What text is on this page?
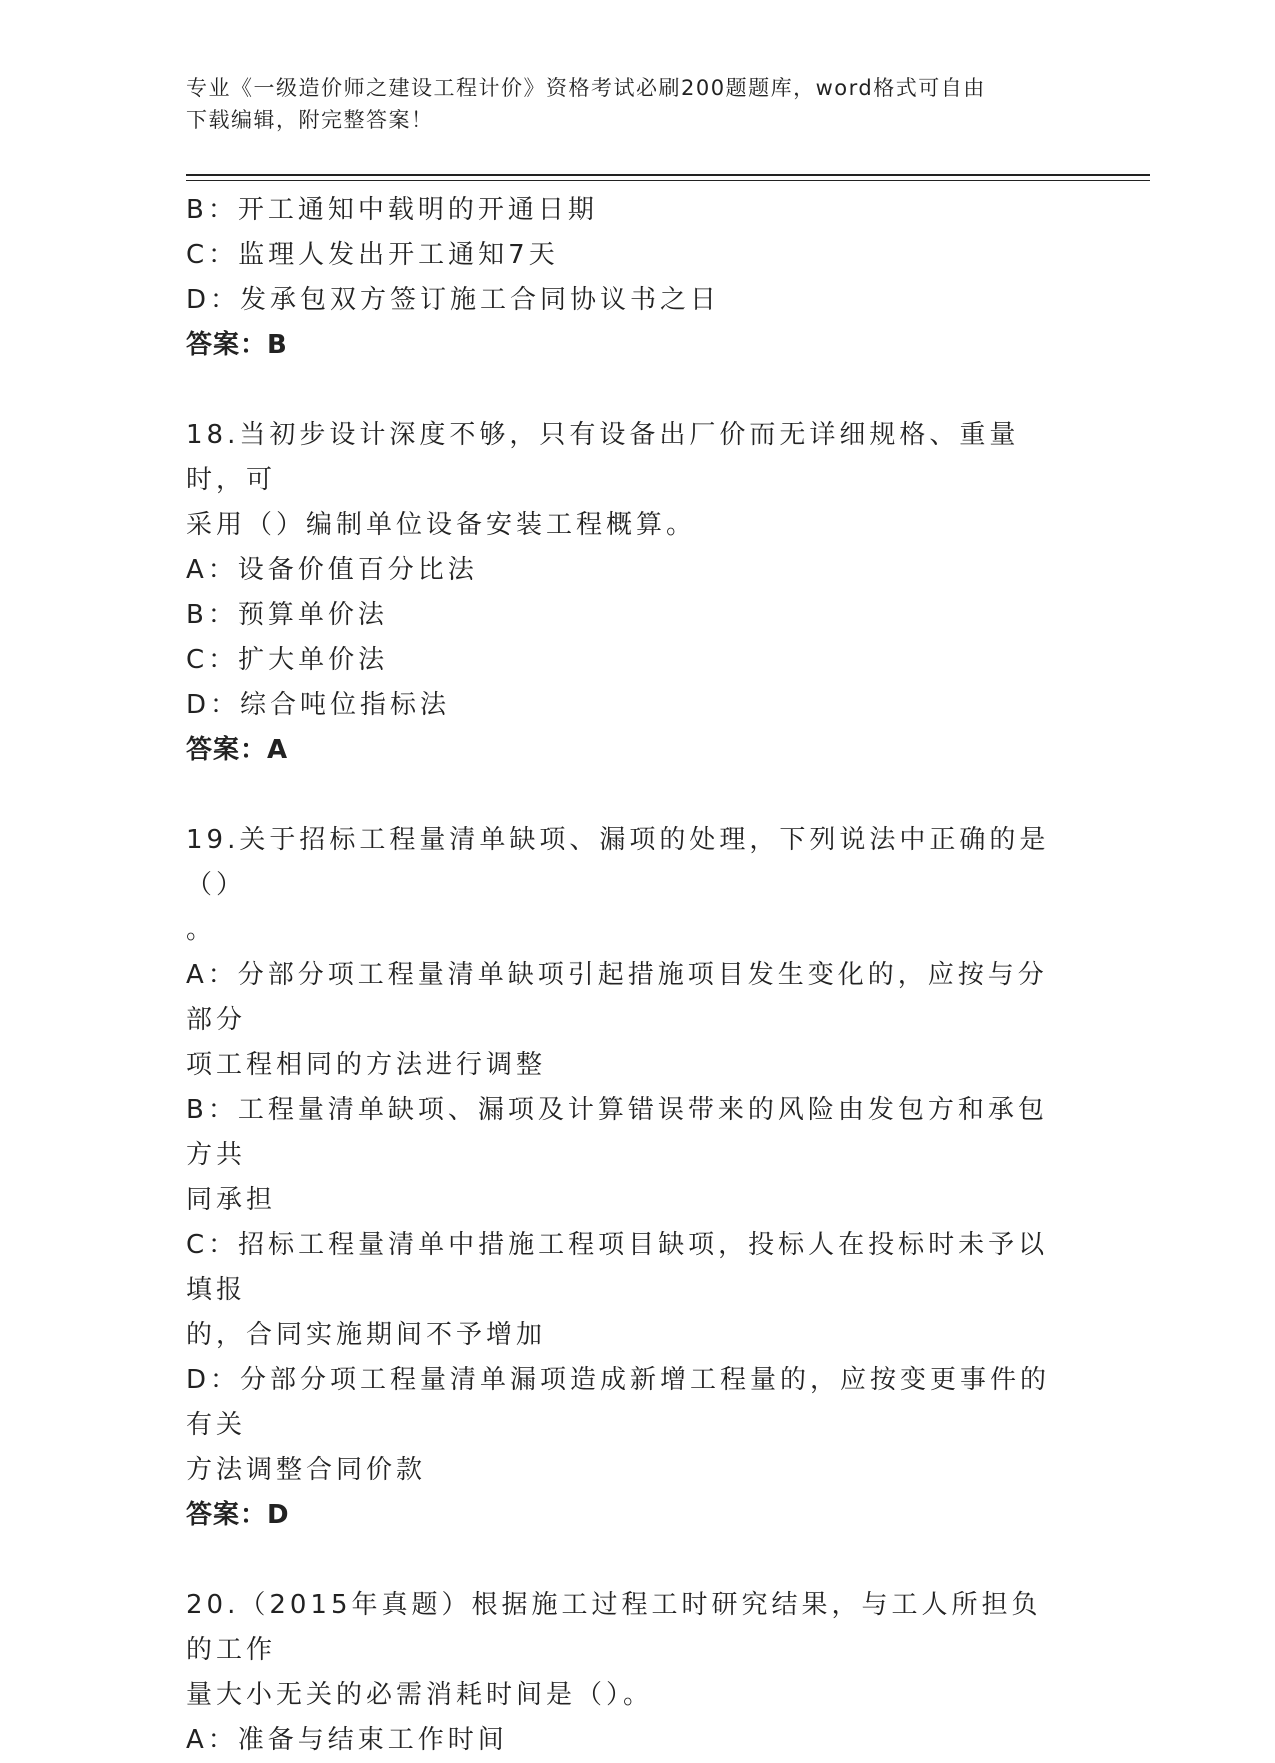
专业《一级造价师之建设工程计价》资格考试必刷200题题库，word格式可自由
下载编辑，附完整答案！
B：开工通知中载明的开通日期
C：监理人发出开工通知7天
D：发承包双方签订施工合同协议书之日
答案：B
18.当初步设计深度不够，只有设备出厂价而无详细规格、重量时，可
采用（）编制单位设备安装工程概算。
A：设备价值百分比法
B：预算单价法
C：扩大单价法
D：综合吨位指标法
答案：A
19.关于招标工程量清单缺项、漏项的处理，下列说法中正确的是（）
。
A：分部分项工程量清单缺项引起措施项目发生变化的，应按与分部分
项工程相同的方法进行调整
B：工程量清单缺项、漏项及计算错误带来的风险由发包方和承包方共
同承担
C：招标工程量清单中措施工程项目缺项，投标人在投标时未予以填报
的，合同实施期间不予增加
D：分部分项工程量清单漏项造成新增工程量的，应按变更事件的有关
方法调整合同价款
答案：D
20.（2015年真题）根据施工过程工时研究结果，与工人所担负的工作
量大小无关的必需消耗时间是（）。
A：准备与结束工作时间
